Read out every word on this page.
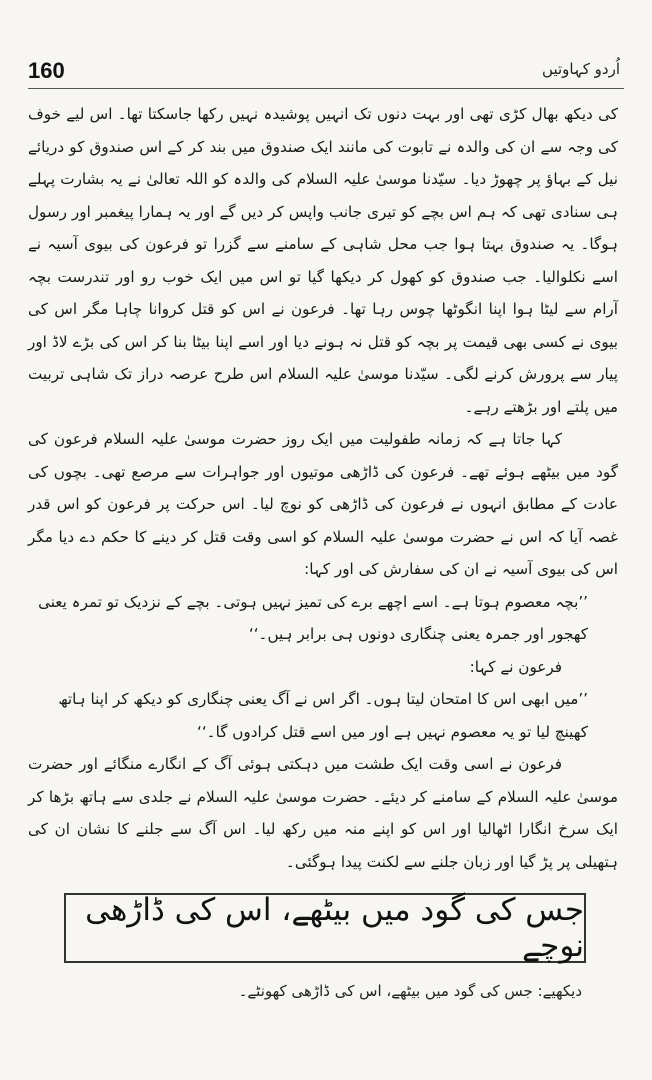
160	اُردو کہاوتیں

کی دیکھ بھال کڑی تھی اور بہت دنوں تک انہیں پوشیدہ نہیں رکھا جاسکتا تھا۔ اس لیے خوف کی وجہ سے ان کی والدہ نے تابوت کی مانند ایک صندوق میں بند کر کے اس صندوق کو دریائے نیل کے بہاؤ پر چھوڑ دیا۔ سیّدنا موسیٰ علیہ السلام کی والدہ کو اللہ تعالیٰ نے یہ بشارت پہلے ہی سنادی تھی کہ ہم اس بچے کو تیری جانب واپس کر دیں گے اور یہ ہمارا پیغمبر اور رسول ہوگا۔ یہ صندوق بہتا ہوا جب محل شاہی کے سامنے سے گزرا تو فرعون کی بیوی آسیہ نے اسے نکلوالیا۔ جب صندوق کو کھول کر دیکھا گیا تو اس میں ایک خوب رو اور تندرست بچہ آرام سے لیٹا ہوا اپنا انگوٹھا چوس رہا تھا۔ فرعون نے اس کو قتل کروانا چاہا مگر اس کی بیوی نے کسی بھی قیمت پر بچہ کو قتل نہ ہونے دیا اور اسے اپنا بیٹا بنا کر اس کی بڑے لاڈ اور پیار سے پرورش کرنے لگی۔ سیّدنا موسیٰ علیہ السلام اس طرح عرصہ دراز تک شاہی تربیت میں پلتے اور بڑھتے رہے۔

کہا جاتا ہے کہ زمانہ طفولیت میں ایک روز حضرت موسیٰ علیہ السلام فرعون کی گود میں بیٹھے ہوئے تھے۔ فرعون کی ڈاڑھی موتیوں اور جواہرات سے مرصع تھی۔ بچوں کی عادت کے مطابق انہوں نے فرعون کی ڈاڑھی کو نوچ لیا۔ اس حرکت پر فرعون کو اس قدر غصہ آیا کہ اس نے حضرت موسیٰ علیہ السلام کو اسی وقت قتل کر دینے کا حکم دے دیا مگر اس کی بیوی آسیہ نے ان کی سفارش کی اور کہا:

’’بچہ معصوم ہوتا ہے۔ اسے اچھے برے کی تمیز نہیں ہوتی۔ بچے کے نزدیک تو تمرہ یعنی کھجور اور جمرہ یعنی چنگاری دونوں ہی برابر ہیں۔‘‘

فرعون نے کہا:

’’میں ابھی اس کا امتحان لیتا ہوں۔ اگر اس نے آگ یعنی چنگاری کو دیکھ کر اپنا ہاتھ کھینچ لیا تو یہ معصوم نہیں ہے اور میں اسے قتل کرادوں گا۔‘‘

فرعون نے اسی وقت ایک طشت میں دہکتی ہوئی آگ کے انگارے منگائے اور حضرت موسیٰ علیہ السلام کے سامنے کر دیئے۔ حضرت موسیٰ علیہ السلام نے جلدی سے ہاتھ بڑھا کر ایک سرخ انگارا اٹھالیا اور اس کو اپنے منہ میں رکھ لیا۔ اس آگ سے جلنے کا نشان ان کی ہتھیلی پر پڑ گیا اور زبان جلنے سے لکنت پیدا ہوگئی۔

جس کی گود میں بیٹھے، اس کی ڈاڑھی نوچے
دیکھیے: جس کی گود میں بیٹھے، اس کی ڈاڑھی کھونٹے۔
